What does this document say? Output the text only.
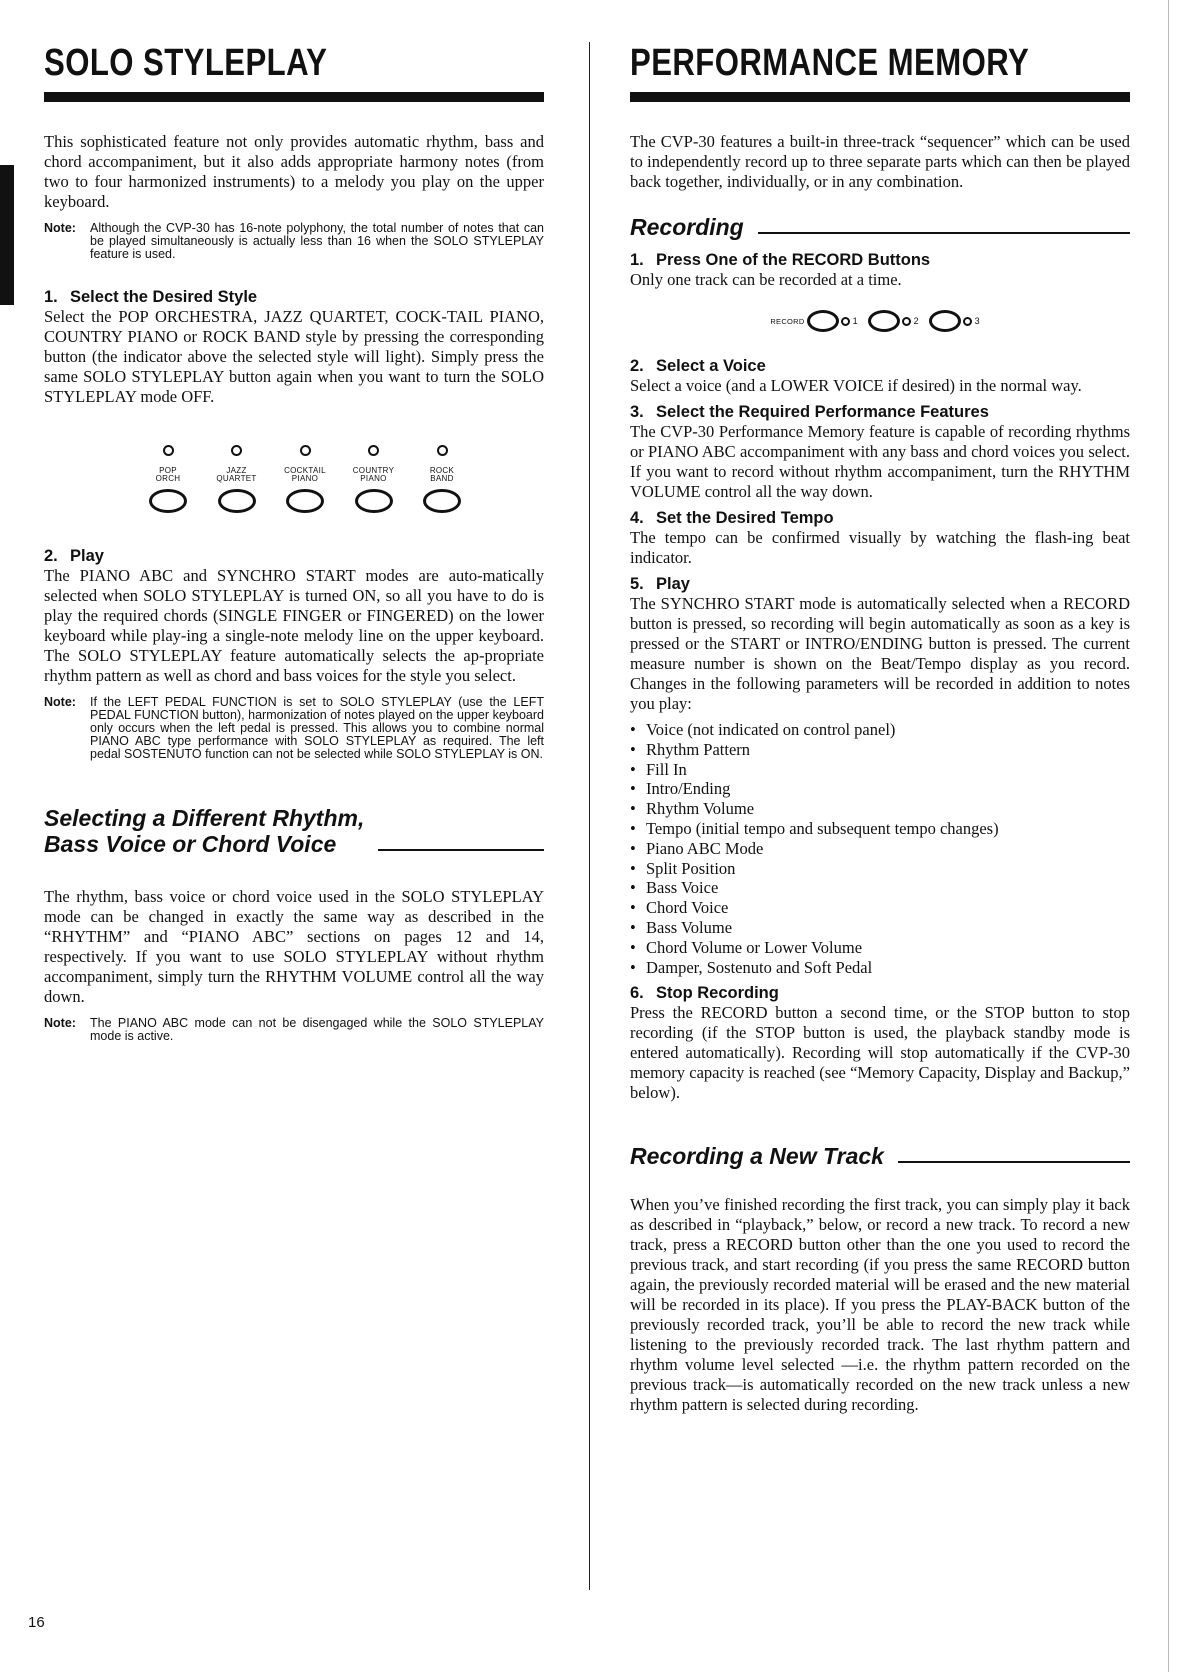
SOLO STYLEPLAY

This sophisticated feature not only provides automatic rhythm, bass and chord accompaniment, but it also adds appropriate harmony notes (from two to four harmonized instruments) to a melody you play on the upper keyboard.

Note:	Although the CVP-30 has 16-note polyphony, the total number of notes that can be played simultaneously is actually less than 16 when the SOLO STYLEPLAY feature is used.

1. Select the Desired Style

Select the POP ORCHESTRA, JAZZ QUARTET, COCK-TAIL PIANO, COUNTRY PIANO or ROCK BAND style by pressing the corresponding button (the indicator above the selected style will light). Simply press the same SOLO STYLEPLAY button again when you want to turn the SOLO STYLEPLAY mode OFF.

POP
ORCH
JAZZ
QUARTET
COCKTAIL
PIANO
COUNTRY
PIANO
ROCK
BAND

2. Play

The PIANO ABC and SYNCHRO START modes are auto-matically selected when SOLO STYLEPLAY is turned ON, so all you have to do is play the required chords (SINGLE FINGER or FINGERED) on the lower keyboard while play-ing a single-note melody line on the upper keyboard. The SOLO STYLEPLAY feature automatically selects the ap-propriate rhythm pattern as well as chord and bass voices for the style you select.

Note:	If the LEFT PEDAL FUNCTION is set to SOLO STYLEPLAY (use the LEFT PEDAL FUNCTION button), harmonization of notes played on the upper keyboard only occurs when the left pedal is pressed. This allows you to combine normal PIANO ABC type performance with SOLO STYLEPLAY as required. The left pedal SOSTENUTO function can not be selected while SOLO STYLEPLAY is ON.
Selecting a Different Rhythm,
Bass Voice or Chord Voice

The rhythm, bass voice or chord voice used in the SOLO STYLEPLAY mode can be changed in exactly the same way as described in the “RHYTHM” and “PIANO ABC” sections on pages 12 and 14, respectively. If you want to use SOLO STYLEPLAY without rhythm accompaniment, simply turn the RHYTHM VOLUME control all the way down.

Note:	The PIANO ABC mode can not be disengaged while the SOLO STYLEPLAY mode is active.
PERFORMANCE MEMORY

The CVP-30 features a built-in three-track “sequencer” which can be used to independently record up to three separate parts which can then be played back together, individually, or in any combination.

Recording

1. Press One of the RECORD Buttons

Only one track can be recorded at a time.

RECORD	1	2	3

2. Select a Voice

Select a voice (and a LOWER VOICE if desired) in the normal way.

3. Select the Required Performance Features

The CVP-30 Performance Memory feature is capable of recording rhythms or PIANO ABC accompaniment with any bass and chord voices you select. If you want to record without rhythm accompaniment, turn the RHYTHM VOLUME control all the way down.

4. Set the Desired Tempo

The tempo can be confirmed visually by watching the flash-ing beat indicator.

5. Play

The SYNCHRO START mode is automatically selected when a RECORD button is pressed, so recording will begin automatically as soon as a key is pressed or the START or INTRO/ENDING button is pressed. The current measure number is shown on the Beat/Tempo display as you record. Changes in the following parameters will be recorded in addition to notes you play:

• Voice (not indicated on control panel)
• Rhythm Pattern
• Fill In
• Intro/Ending
• Rhythm Volume
• Tempo (initial tempo and subsequent tempo changes)
• Piano ABC Mode
• Split Position
• Bass Voice
• Chord Voice
• Bass Volume
• Chord Volume or Lower Volume
• Damper, Sostenuto and Soft Pedal

6. Stop Recording

Press the RECORD button a second time, or the STOP button to stop recording (if the STOP button is used, the playback standby mode is entered automatically). Recording will stop automatically if the CVP-30 memory capacity is reached (see “Memory Capacity, Display and Backup,” below).

Recording a New Track

When you’ve finished recording the first track, you can simply play it back as described in “playback,” below, or record a new track. To record a new track, press a RECORD button other than the one you used to record the previous track, and start recording (if you press the same RECORD button again, the previously recorded material will be erased and the new material will be recorded in its place). If you press the PLAY-BACK button of the previously recorded track, you’ll be able to record the new track while listening to the previously recorded track. The last rhythm pattern and rhythm volume level selected —i.e. the rhythm pattern recorded on the previous track—is automatically recorded on the new track unless a new rhythm pattern is selected during recording.

16
